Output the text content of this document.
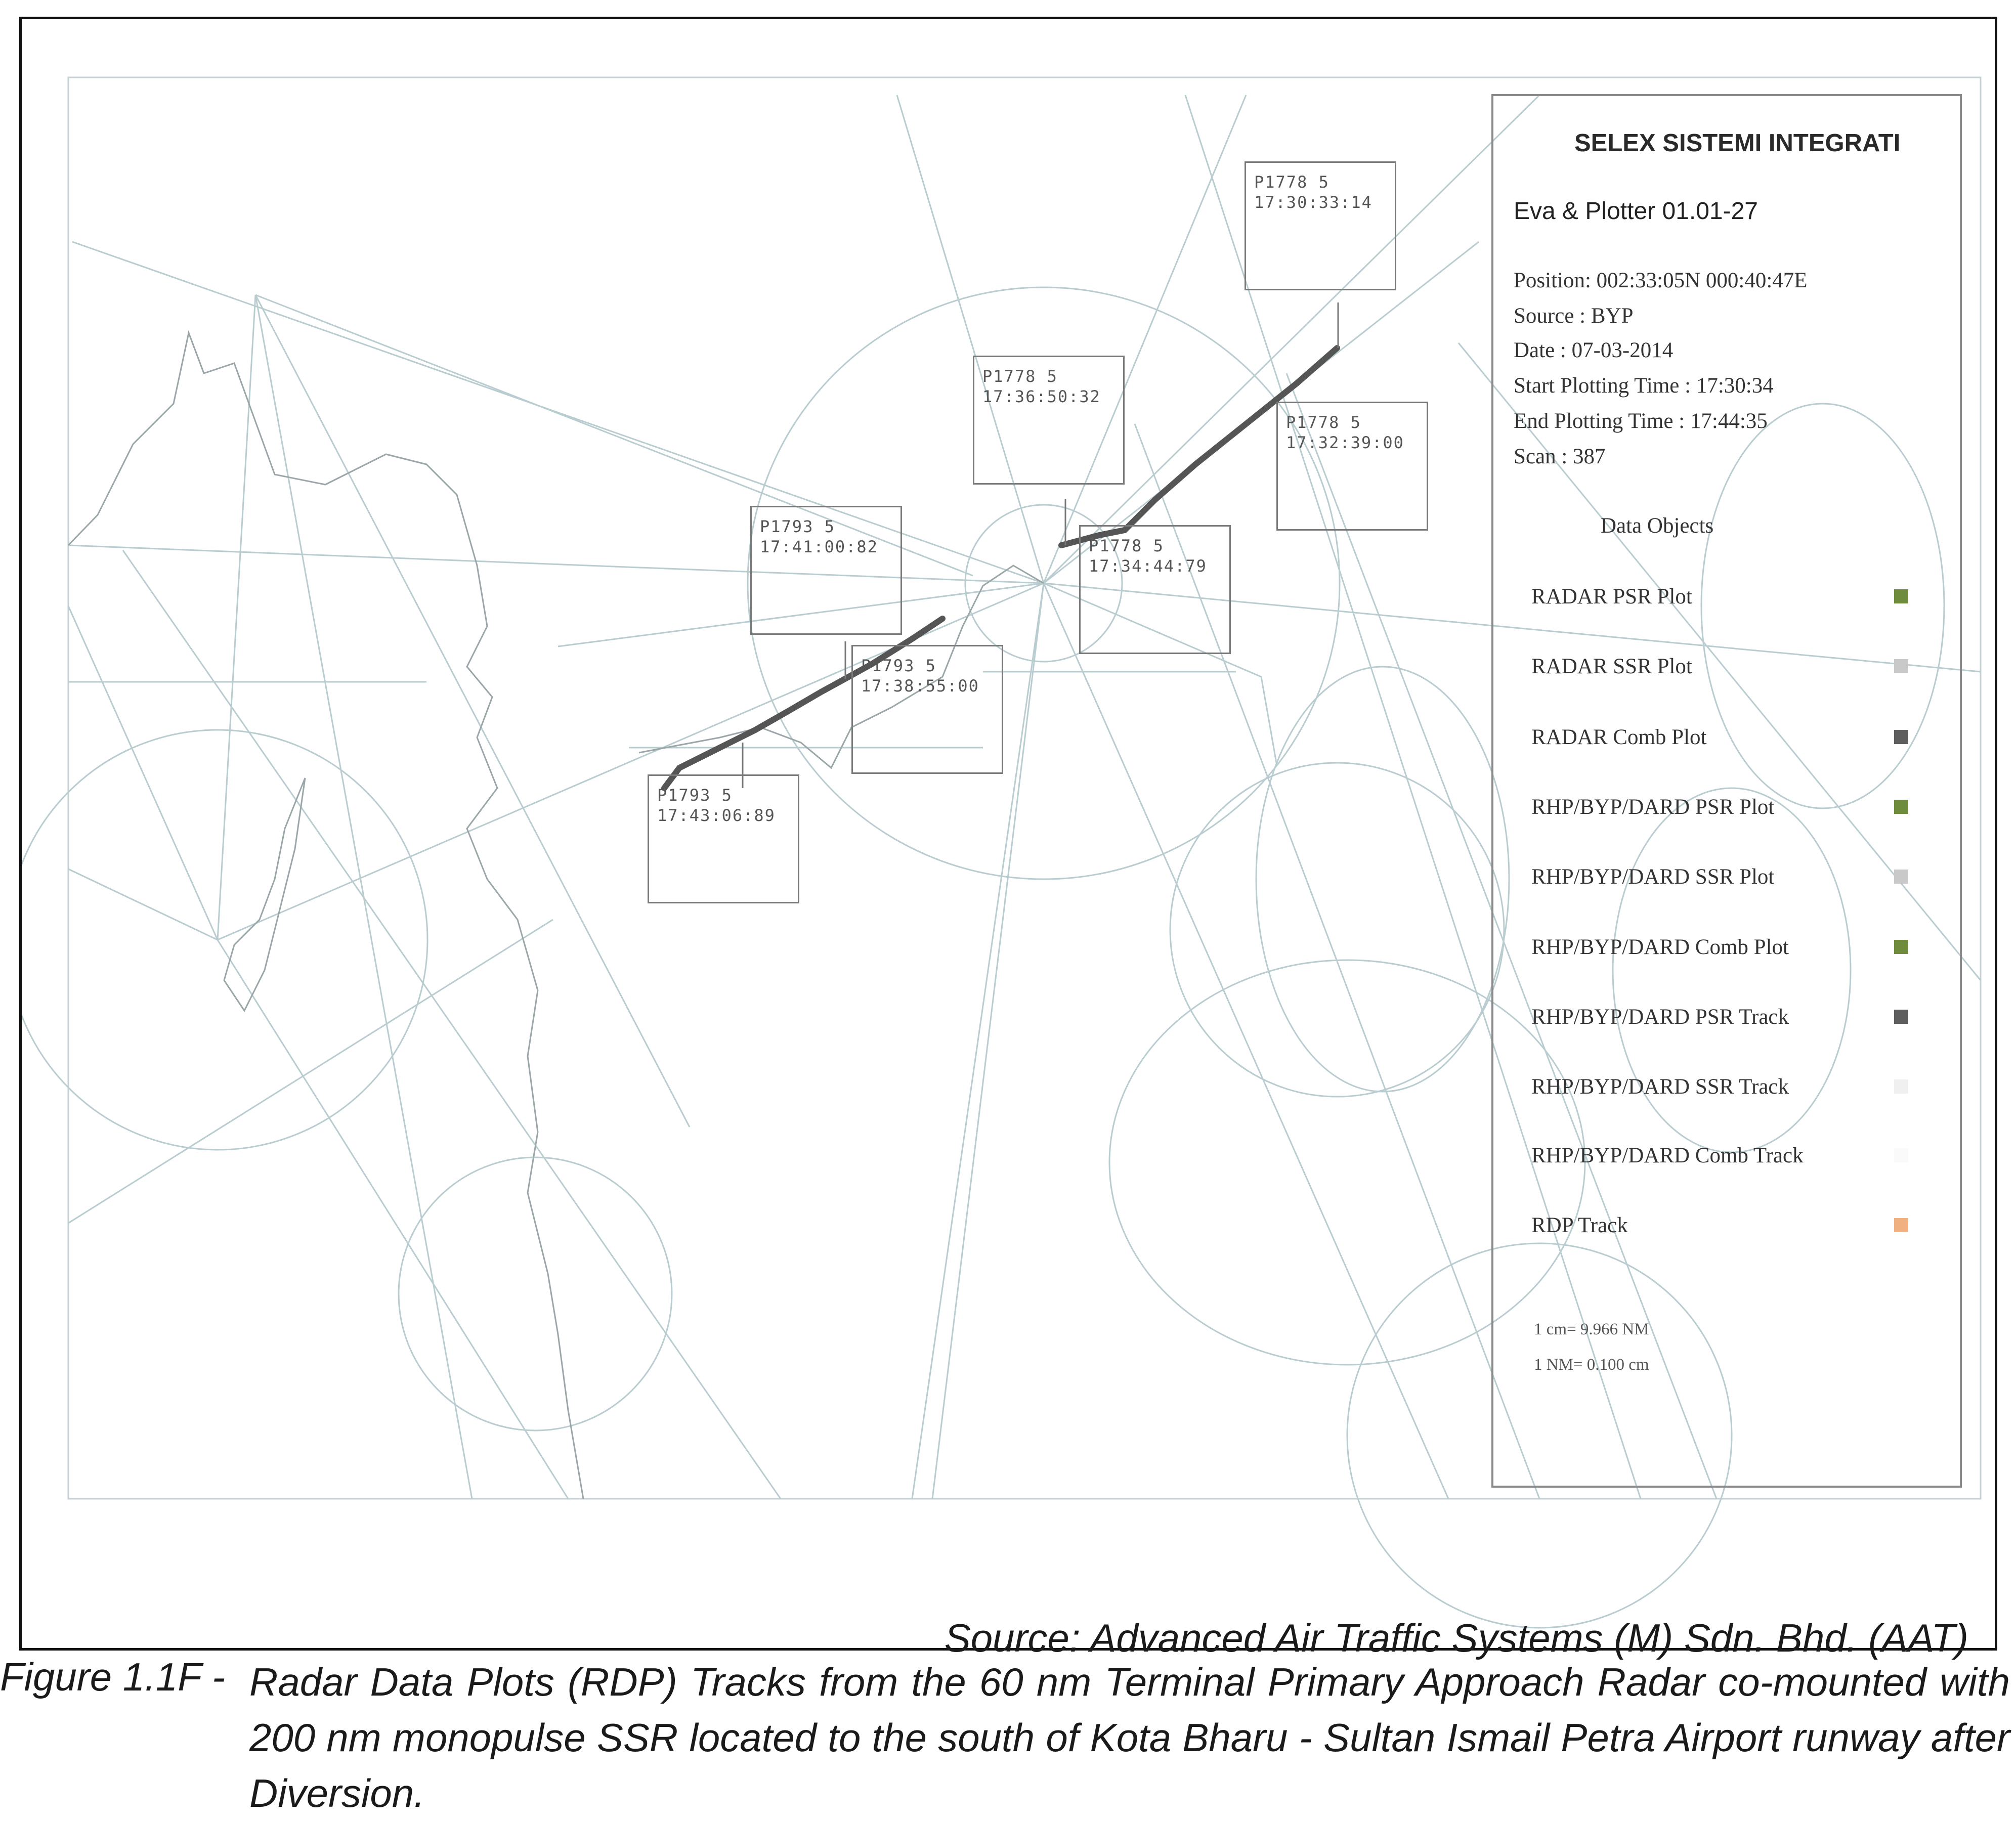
P1778 5
17:30:33:14
P1778 5
17:36:50:32
P1778 5
17:32:39:00
P1778 5
17:34:44:79
P1793 5
17:41:00:82
P1793 5
17:38:55:00
P1793 5
17:43:06:89
SELEX SISTEMI INTEGRATI
Eva & Plotter 01.01-27
Position: 002:33:05N 000:40:47E
Source : BYP
Date : 07-03-2014
Start Plotting Time : 17:30:34
End Plotting Time : 17:44:35
Scan : 387
Data Objects
RADAR PSR Plot
RADAR SSR Plot
RADAR Comb Plot
RHP/BYP/DARD PSR Plot
RHP/BYP/DARD SSR Plot
RHP/BYP/DARD Comb Plot
RHP/BYP/DARD PSR Track
RHP/BYP/DARD SSR Track
RHP/BYP/DARD Comb Track
RDP Track
1 cm= 9.966 NM
1 NM= 0.100 cm
Source: Advanced Air Traffic Systems (M) Sdn. Bhd. (AAT)
Figure 1.1F - Radar Data Plots (RDP) Tracks from the 60 nm Terminal Primary Approach Radar co-mounted with 200 nm monopulse SSR located to the south of Kota Bharu - Sultan Ismail Petra Airport runway after Diversion.
